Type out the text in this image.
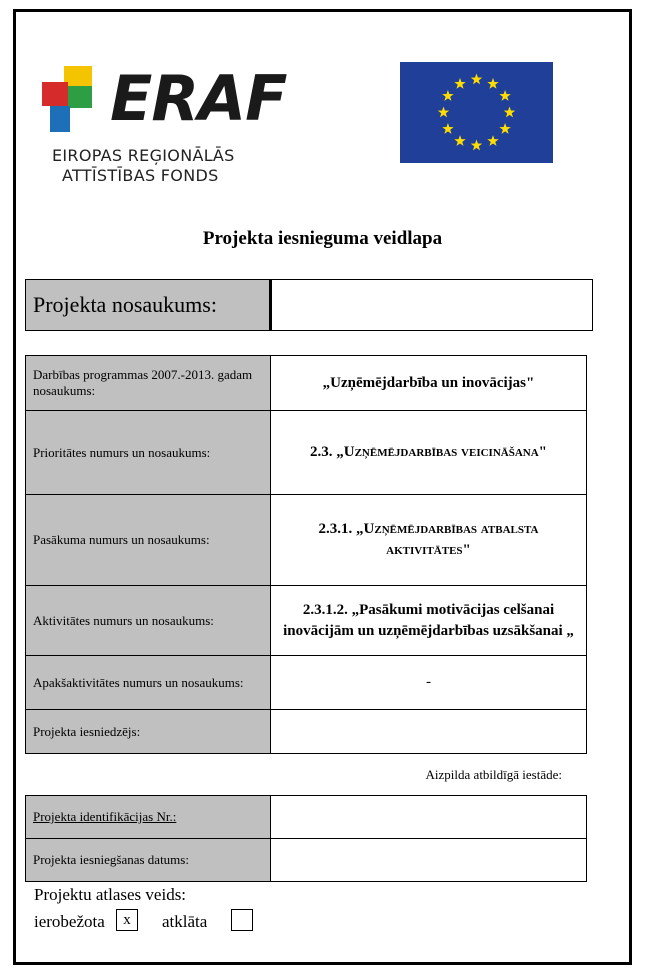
ERAF
EIROPAS REĢIONĀLĀS
ATTĪSTĪBAS FONDS
Projekta iesnieguma veidlapa
Projekta nosaukums:	
Darbības programmas 2007.-2013. gadam nosaukums:	„Uzņēmējdarbība un inovācijas"
Prioritātes numurs un nosaukums:	2.3. „Uzņēmējdarbības veicināšana"
Pasākuma numurs un nosaukums:	2.3.1. „Uzņēmējdarbības atbalsta aktivitātes"
Aktivitātes numurs un nosaukums:	2.3.1.2. „Pasākumi motivācijas celšanai inovācijām un uzņēmējdarbības uzsākšanai „
Apakšaktivitātes numurs un nosaukums:	-
Projekta iesniedzējs:	
Aizpilda atbildīgā iestāde:
Projekta identifikācijas Nr.:	
Projekta iesniegšanas datums:	
Projektu atlases veids:
ierobežota	x	atklāta
